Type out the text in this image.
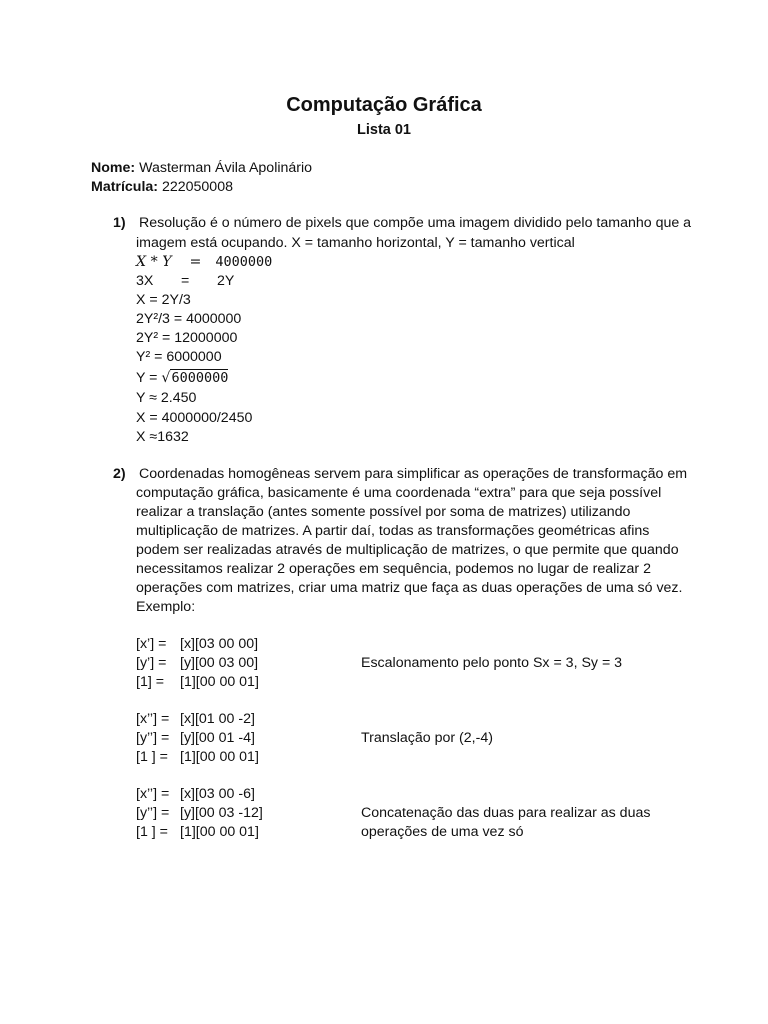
Computação Gráfica
Lista 01
Nome: Wasterman Ávila Apolinário
Matrícula: 222050008
1) Resolução é o número de pixels que compõe uma imagem dividido pelo tamanho que a
imagem está ocupando. X = tamanho horizontal, Y = tamanho vertical
X * Y = 4000000
3X = 2Y
X = 2Y/3
2Y²/3 = 4000000
2Y² = 12000000
Y² = 6000000
Y = √6000000
Y ≈ 2.450
X = 4000000/2450
X ≈1632
2) Coordenadas homogêneas servem para simplificar as operações de transformação em
computação gráfica, basicamente é uma coordenada “extra” para que seja possível
realizar a translação (antes somente possível por soma de matrizes) utilizando
multiplicação de matrizes. A partir daí, todas as transformações geométricas afins
podem ser realizadas através de multiplicação de matrizes, o que permite que quando
necessitamos realizar 2 operações em sequência, podemos no lugar de realizar 2
operações com matrizes, criar uma matriz que faça as duas operações de uma só vez.
Exemplo:
[x’] = [x][03 00 00]
[y’] = [y][00 03 00]
[1] = [1][00 00 01]
Escalonamento pelo ponto Sx = 3, Sy = 3
[x’’] = [x][01 00 -2]
[y’’] = [y][00 01 -4]
[1 ] = [1][00 00 01]
Translação por (2,-4)
[x’’] = [x][03 00 -6]
[y’’] = [y][00 03 -12]
[1 ] = [1][00 00 01]
Concatenação das duas para realizar as duas
operações de uma vez só
